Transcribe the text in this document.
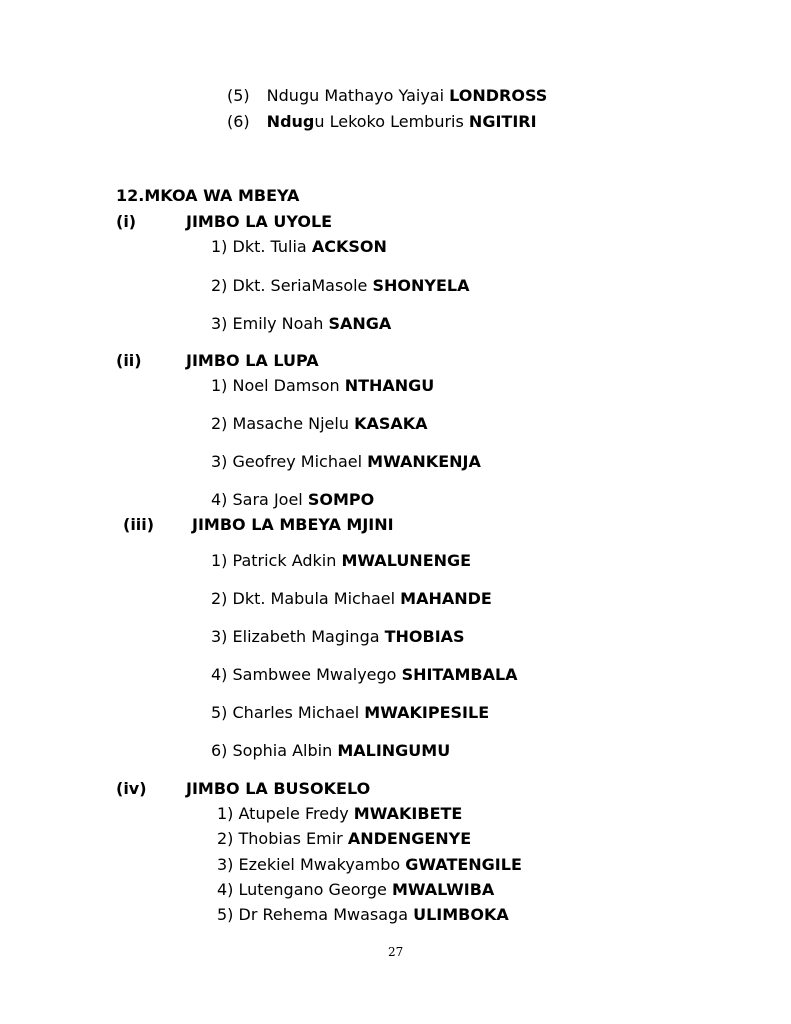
(5) Ndugu Mathayo Yaiyai LONDROSS
(6) Ndugu Lekoko Lemburis NGITIRI
12.MKOA WA MBEYA
(i)	JIMBO LA UYOLE
1) Dkt. Tulia ACKSON
2) Dkt. SeriaMasole SHONYELA
3) Emily Noah SANGA
(ii)	JIMBO LA LUPA
1) Noel Damson NTHANGU
2) Masache Njelu KASAKA
3) Geofrey Michael MWANKENJA
4) Sara Joel SOMPO
(iii) JIMBO LA MBEYA MJINI
1) Patrick Adkin MWALUNENGE
2) Dkt. Mabula Michael MAHANDE
3) Elizabeth Maginga THOBIAS
4) Sambwee Mwalyego SHITAMBALA
5) Charles Michael MWAKIPESILE
6) Sophia Albin MALINGUMU
(iv) JIMBO LA BUSOKELO
1) Atupele Fredy MWAKIBETE
2) Thobias Emir ANDENGENYE
3) Ezekiel Mwakyambo GWATENGILE
4) Lutengano George MWALWIBA
5) Dr Rehema Mwasaga ULIMBOKA
27
